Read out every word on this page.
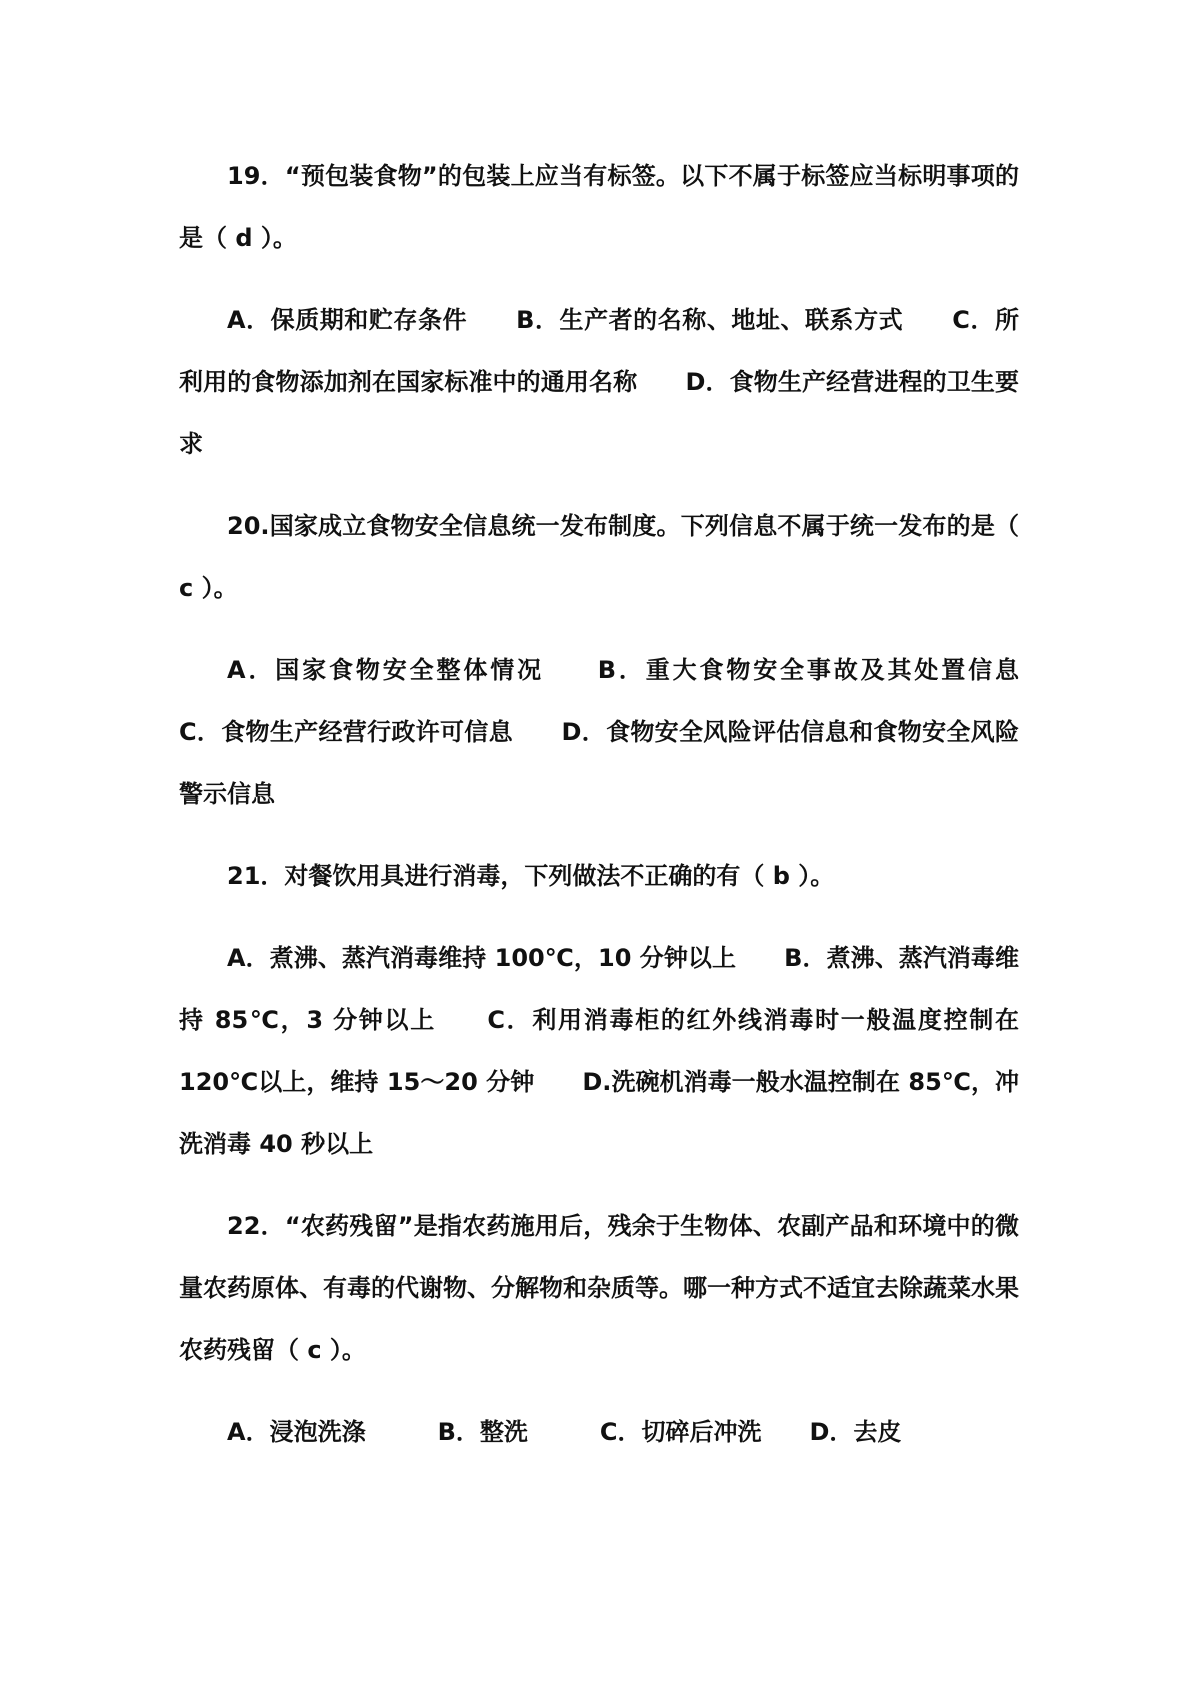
19．“预包装食物”的包装上应当有标签。以下不属于标签应当标明事项的是（ d ）。
A．保质期和贮存条件　　B．生产者的名称、地址、联系方式　　C．所利用的食物添加剂在国家标准中的通用名称　　D．食物生产经营进程的卫生要求
20.国家成立食物安全信息统一发布制度。下列信息不属于统一发布的是（ c ）。
A．国家食物安全整体情况　　B．重大食物安全事故及其处置信息　　C．食物生产经营行政许可信息　　D．食物安全风险评估信息和食物安全风险警示信息
21．对餐饮用具进行消毒，下列做法不正确的有（ b ）。
A．煮沸、蒸汽消毒维持 100℃，10 分钟以上　　B．煮沸、蒸汽消毒维持 85℃，3 分钟以上　　C．利用消毒柜的红外线消毒时一般温度控制在 120℃以上，维持 15～20 分钟　　D.洗碗机消毒一般水温控制在 85℃，冲洗消毒 40 秒以上
22．“农药残留”是指农药施用后，残余于生物体、农副产品和环境中的微量农药原体、有毒的代谢物、分解物和杂质等。哪一种方式不适宜去除蔬菜水果农药残留（ c ）。
A．浸泡洗涤　　　B．整洗　　　C．切碎后冲洗　　D．去皮
